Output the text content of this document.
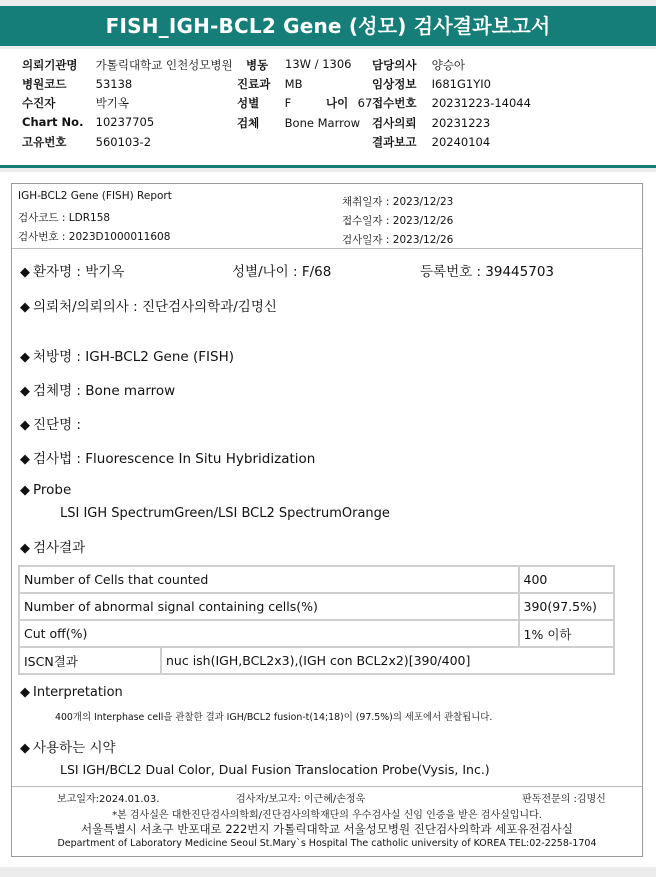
FISH_IGH-BCL2 Gene (성모) 검사결과보고서
의뢰기관명 가톨릭대학교 인천성모병원 병동 13W / 1306 담당의사 양승아
병원코드	53138	진료과 MB	임상정보 I681G1YI0
수진자	박기옥	성별 F	나이 67 접수번호 20231223-14044
Chart No. 10237705	검체 Bone Marrow 검사의뢰 20231223
고유번호	560103-2	결과보고 20240104
IGH-BCL2 Gene (FISH) Report
검사코드 : LDR158
검사번호 : 2023D1000011608
채취일자 : 2023/12/23
접수일자 : 2023/12/26
검사일자 : 2023/12/26
◆ 환자명 : 박기옥	성별/나이 : F/68	등록번호 : 39445703
◆ 의뢰처/의뢰의사 : 진단검사의학과/김명신
◆ 처방명 : IGH-BCL2 Gene (FISH)
◆ 검체명 : Bone marrow
◆ 진단명 :
◆ 검사법 : Fluorescence In Situ Hybridization
◆ Probe
LSI IGH SpectrumGreen/LSI BCL2 SpectrumOrange
◆ 검사결과
Number of Cells that counted		400
Number of abnormal signal containing cells(%)		390(97.5%)
Cut off(%)		1% 이하
ISCN결과	nuc ish(IGH,BCL2x3),(IGH con BCL2x2)[390/400]	
◆ Interpretation
400개의 Interphase cell을 관찰한 결과 IGH/BCL2 fusion-t(14;18)이 (97.5%)의 세포에서 관찰됩니다.
◆ 사용하는 시약
LSI IGH/BCL2 Dual Color, Dual Fusion Translocation Probe(Vysis, Inc.)
보고일자:2024.01.03.	검사자/보고자: 이근혜/손정욱	판독전문의 :김명신
*본 검사실은 대한진단검사의학회/진단검사의학재단의 우수검사실 신임 인증을 받은 검사실입니다.
서울특별시 서초구 반포대로 222번지 가톨릭대학교 서울성모병원 진단검사의학과 세포유전검사실
Department of Laboratory Medicine Seoul St.Mary`s Hospital The catholic university of KOREA TEL:02-2258-1704
